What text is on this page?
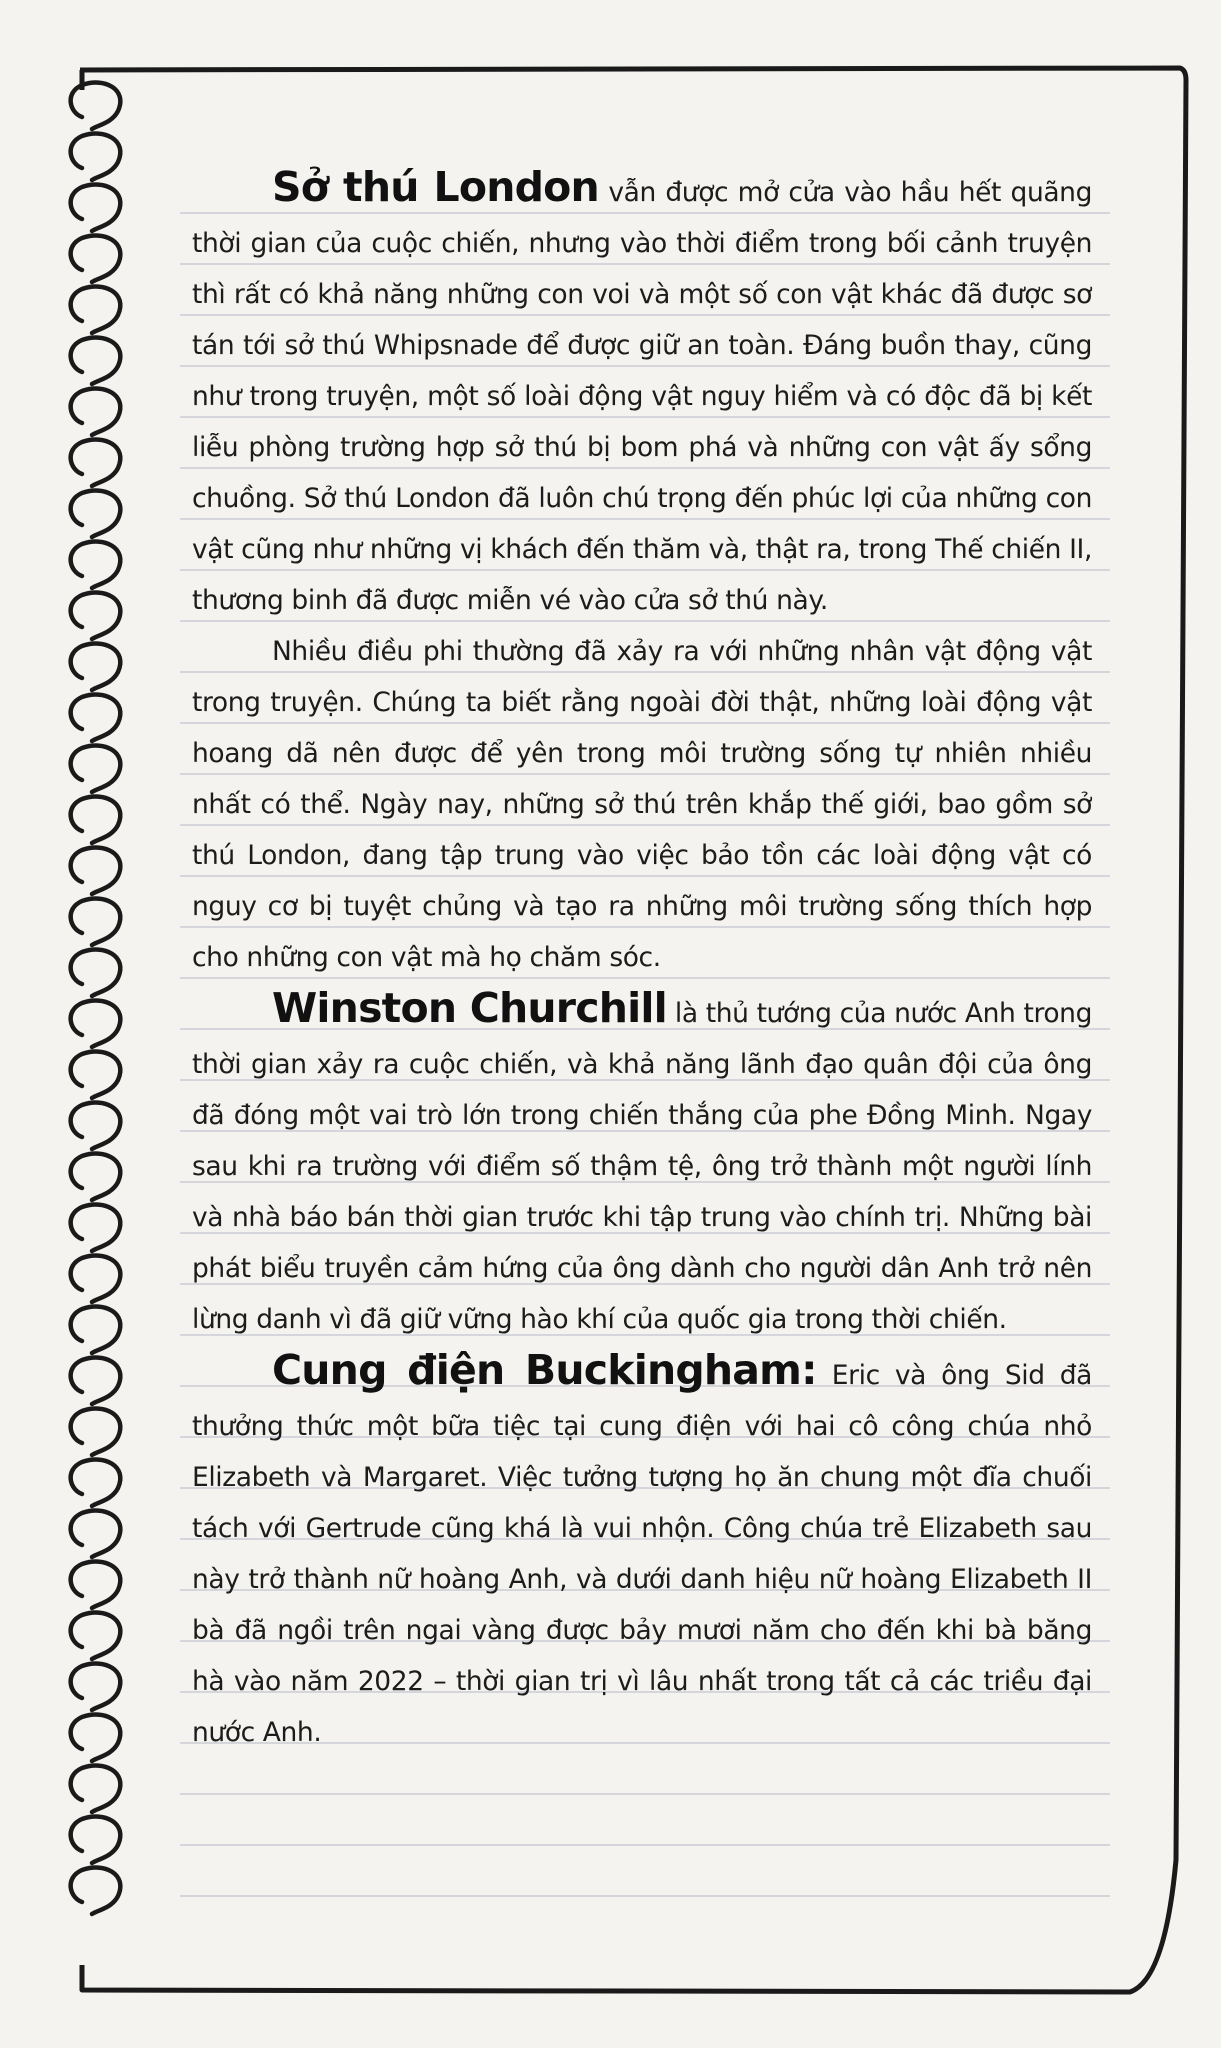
Sở thú London vẫn được mở cửa vào hầu hết quãng thời gian của cuộc chiến, nhưng vào thời điểm trong bối cảnh truyện thì rất có khả năng những con voi và một số con vật khác đã được sơ tán tới sở thú Whipsnade để được giữ an toàn. Đáng buồn thay, cũng như trong truyện, một số loài động vật nguy hiểm và có độc đã bị kết liễu phòng trường hợp sở thú bị bom phá và những con vật ấy sổng chuồng. Sở thú London đã luôn chú trọng đến phúc lợi của những con vật cũng như những vị khách đến thăm và, thật ra, trong Thế chiến II, thương binh đã được miễn vé vào cửa sở thú này.

Nhiều điều phi thường đã xảy ra với những nhân vật động vật trong truyện. Chúng ta biết rằng ngoài đời thật, những loài động vật hoang dã nên được để yên trong môi trường sống tự nhiên nhiều nhất có thể. Ngày nay, những sở thú trên khắp thế giới, bao gồm sở thú London, đang tập trung vào việc bảo tồn các loài động vật có nguy cơ bị tuyệt chủng và tạo ra những môi trường sống thích hợp cho những con vật mà họ chăm sóc.

Winston Churchill là thủ tướng của nước Anh trong thời gian xảy ra cuộc chiến, và khả năng lãnh đạo quân đội của ông đã đóng một vai trò lớn trong chiến thắng của phe Đồng Minh. Ngay sau khi ra trường với điểm số thậm tệ, ông trở thành một người lính và nhà báo bán thời gian trước khi tập trung vào chính trị. Những bài phát biểu truyền cảm hứng của ông dành cho người dân Anh trở nên lừng danh vì đã giữ vững hào khí của quốc gia trong thời chiến.

Cung điện Buckingham: Eric và ông Sid đã thưởng thức một bữa tiệc tại cung điện với hai cô công chúa nhỏ Elizabeth và Margaret. Việc tưởng tượng họ ăn chung một đĩa chuối tách với Gertrude cũng khá là vui nhộn. Công chúa trẻ Elizabeth sau này trở thành nữ hoàng Anh, và dưới danh hiệu nữ hoàng Elizabeth II bà đã ngồi trên ngai vàng được bảy mươi năm cho đến khi bà băng hà vào năm 2022 – thời gian trị vì lâu nhất trong tất cả các triều đại nước Anh.
